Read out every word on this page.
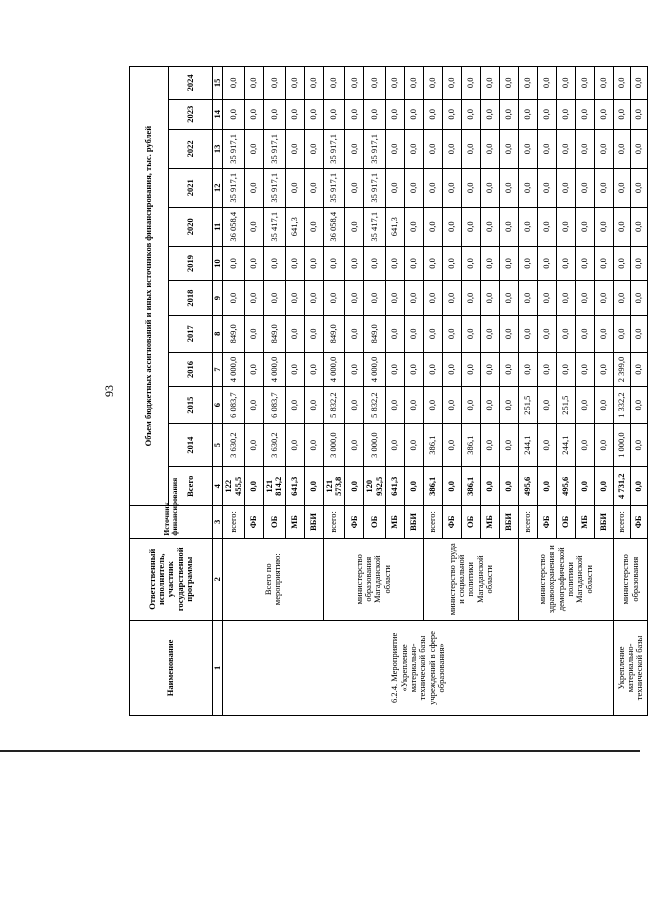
93
Наименование	Ответственный исполнитель, участник государственной программы	Источник финансирования	Объем бюджетных ассигнований и иных источников финансирования, тыс. рублей											
			Всего	2014	2015	2016	2017	2018	2019	2020	2021	2022	2023	2024
1	2	3	4	5	6	7	8	9	10	11	12	13	14	15
6.2.4. Мероприятие «Укрепление материально-технической базы учреждений в сфере образования»	Всего по мероприятию:	всего:	122 455,5	3 630,2	6 083,7	4 000,0	849,0	0,0	0,0	36 058,4	35 917,1	35 917,1	0,0	0,0
		ФБ	0,0	0,0	0,0	0,0	0,0	0,0	0,0	0,0	0,0	0,0	0,0	0,0
		ОБ	121 814,2	3 630,2	6 083,7	4 000,0	849,0	0,0	0,0	35 417,1	35 917,1	35 917,1	0,0	0,0
		МБ	641,3	0,0	0,0	0,0	0,0	0,0	0,0	641,3	0,0	0,0	0,0	0,0
		ВБИ	0,0	0,0	0,0	0,0	0,0	0,0	0,0	0,0	0,0	0,0	0,0	0,0
	министерство образования Магаданской области	всего:	121 573,8	3 000,0	5 832,2	4 000,0	849,0	0,0	0,0	36 058,4	35 917,1	35 917,1	0,0	0,0
		ФБ	0,0	0,0	0,0	0,0	0,0	0,0	0,0	0,0	0,0	0,0	0,0	0,0
		ОБ	120 932,5	3 000,0	5 832,2	4 000,0	849,0	0,0	0,0	35 417,1	35 917,1	35 917,1	0,0	0,0
		МБ	641,3	0,0	0,0	0,0	0,0	0,0	0,0	641,3	0,0	0,0	0,0	0,0
		ВБИ	0,0	0,0	0,0	0,0	0,0	0,0	0,0	0,0	0,0	0,0	0,0	0,0
	министерство труда и социальной политики Магаданской области	всего:	386,1	386,1	0,0	0,0	0,0	0,0	0,0	0,0	0,0	0,0	0,0	0,0
		ФБ	0,0	0,0	0,0	0,0	0,0	0,0	0,0	0,0	0,0	0,0	0,0	0,0
		ОБ	386,1	386,1	0,0	0,0	0,0	0,0	0,0	0,0	0,0	0,0	0,0	0,0
		МБ	0,0	0,0	0,0	0,0	0,0	0,0	0,0	0,0	0,0	0,0	0,0	0,0
		ВБИ	0,0	0,0	0,0	0,0	0,0	0,0	0,0	0,0	0,0	0,0	0,0	0,0
	министерство здравоохранения и демографической политики Магаданской области	всего:	495,6	244,1	251,5	0,0	0,0	0,0	0,0	0,0	0,0	0,0	0,0	0,0
		ФБ	0,0	0,0	0,0	0,0	0,0	0,0	0,0	0,0	0,0	0,0	0,0	0,0
		ОБ	495,6	244,1	251,5	0,0	0,0	0,0	0,0	0,0	0,0	0,0	0,0	0,0
		МБ	0,0	0,0	0,0	0,0	0,0	0,0	0,0	0,0	0,0	0,0	0,0	0,0
		ВБИ	0,0	0,0	0,0	0,0	0,0	0,0	0,0	0,0	0,0	0,0	0,0	0,0
Укрепление материально-технической базы	министерство образования	всего:	4 731,2	1 000,0	1 332,2	2 399,0	0,0	0,0	0,0	0,0	0,0	0,0	0,0	0,0
		ФБ	0,0	0,0	0,0	0,0	0,0	0,0	0,0	0,0	0,0	0,0	0,0	0,0
